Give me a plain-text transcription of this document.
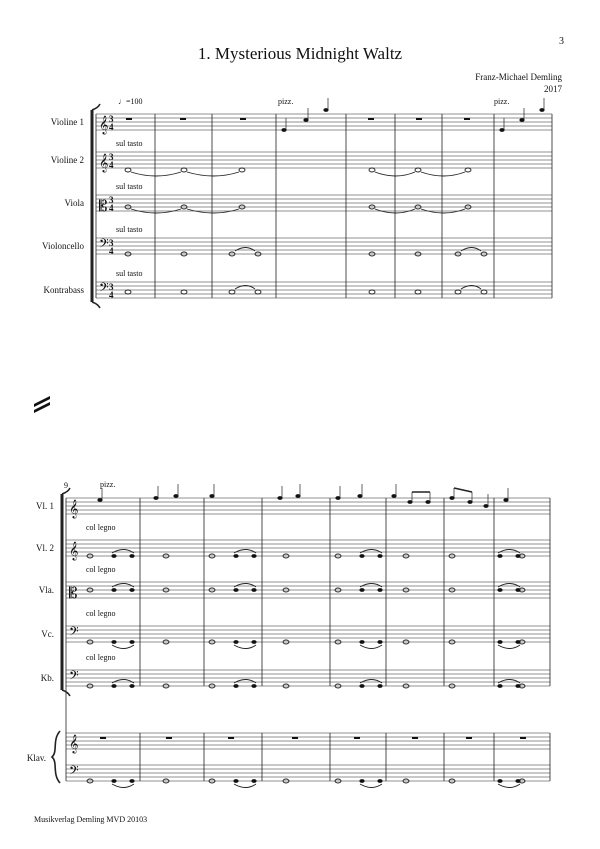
3
1. Mysterious Midnight Waltz
Franz-Michael Demling
2017
𝄞
𝄞
𝄡
𝄢
𝄢
3
4
3
4
3
4
3
4
3
4
𝄞
𝄞
𝄡
𝄢
𝄢
𝄞
𝄢
Violine 1
Violine 2
Viola
Violoncello
Kontrabass
Vl. 1
Vl. 2
Vla.
Vc.
Kb.
Klav.
♩=100	pizz.	pizz.
sul tasto
sul tasto
sul tasto
sul tasto
9	pizz.
col legno
col legno
col legno
col legno
Musikverlag Demling MVD 20103
